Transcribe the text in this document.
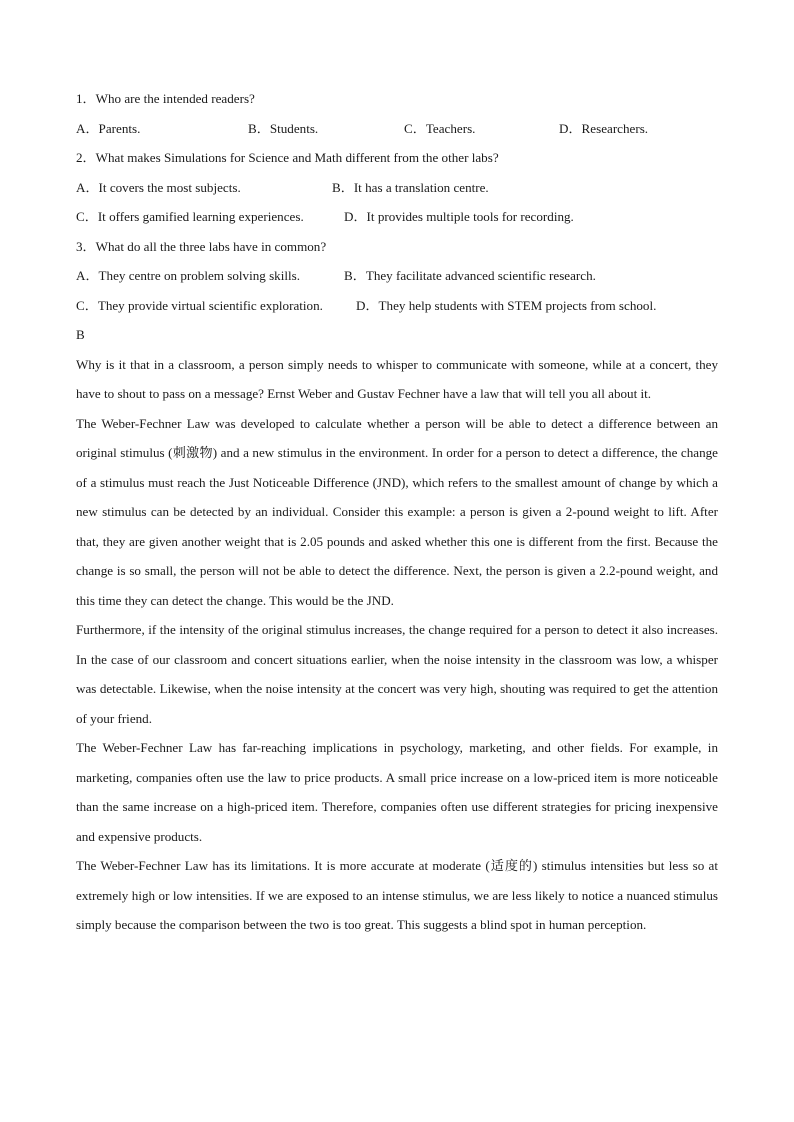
1．Who are the intended readers?
A．Parents.	B．Students.	C．Teachers.	D．Researchers.
2．What makes Simulations for Science and Math different from the other labs?
A．It covers the most subjects.	B．It has a translation centre.
C．It offers gamified learning experiences.	D．It provides multiple tools for recording.
3．What do all the three labs have in common?
A．They centre on problem solving skills.	B．They facilitate advanced scientific research.
C．They provide virtual scientific exploration.	D．They help students with STEM projects from school.
B
Why is it that in a classroom, a person simply needs to whisper to communicate with someone, while at a concert, they have to shout to pass on a message? Ernst Weber and Gustav Fechner have a law that will tell you all about it.
The Weber-Fechner Law was developed to calculate whether a person will be able to detect a difference between an original stimulus (刺激物) and a new stimulus in the environment. In order for a person to detect a difference, the change of a stimulus must reach the Just Noticeable Difference (JND), which refers to the smallest amount of change by which a new stimulus can be detected by an individual. Consider this example: a person is given a 2-pound weight to lift. After that, they are given another weight that is 2.05 pounds and asked whether this one is different from the first. Because the change is so small, the person will not be able to detect the difference. Next, the person is given a 2.2-pound weight, and this time they can detect the change. This would be the JND.
Furthermore, if the intensity of the original stimulus increases, the change required for a person to detect it also increases. In the case of our classroom and concert situations earlier, when the noise intensity in the classroom was low, a whisper was detectable. Likewise, when the noise intensity at the concert was very high, shouting was required to get the attention of your friend.
The Weber-Fechner Law has far-reaching implications in psychology, marketing, and other fields. For example, in marketing, companies often use the law to price products. A small price increase on a low-priced item is more noticeable than the same increase on a high-priced item. Therefore, companies often use different strategies for pricing inexpensive and expensive products.
The Weber-Fechner Law has its limitations. It is more accurate at moderate (适度的) stimulus intensities but less so at extremely high or low intensities. If we are exposed to an intense stimulus, we are less likely to notice a nuanced stimulus simply because the comparison between the two is too great. This suggests a blind spot in human perception.
